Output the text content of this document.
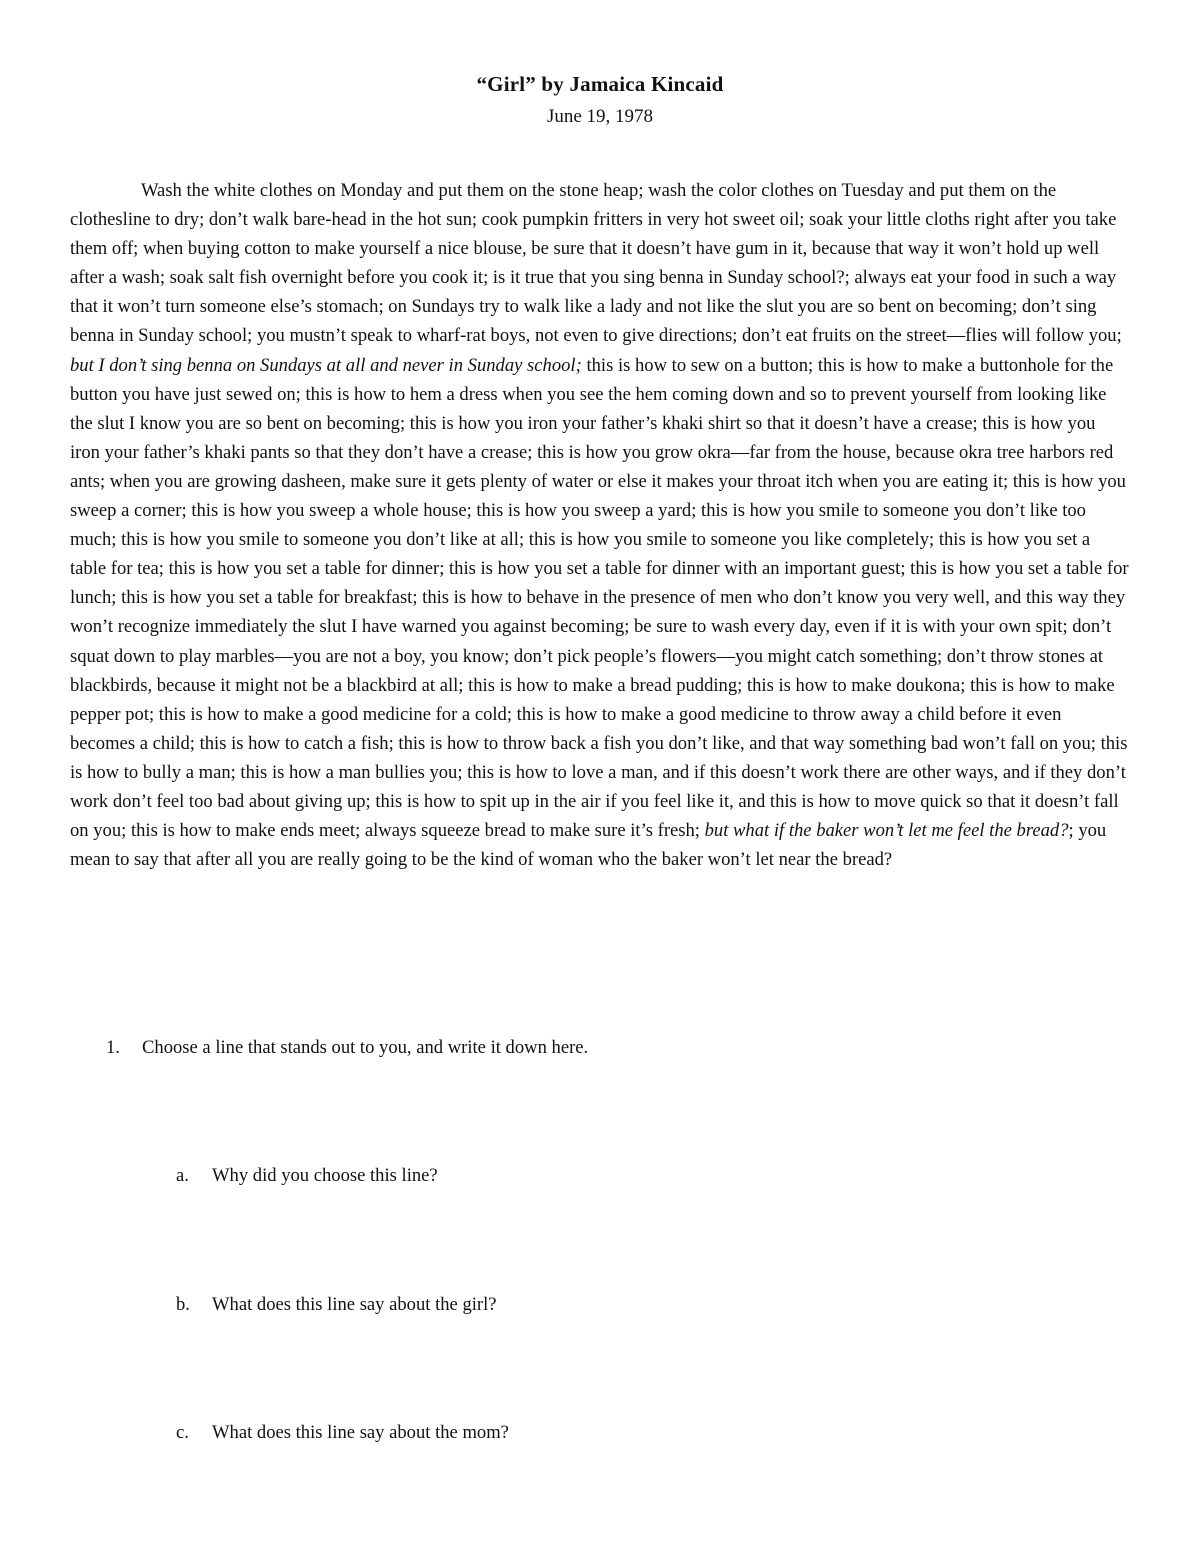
“Girl” by Jamaica Kincaid
June 19, 1978

Wash the white clothes on Monday and put them on the stone heap; wash the color clothes on Tuesday and put them on the clothesline to dry; don’t walk bare-head in the hot sun; cook pumpkin fritters in very hot sweet oil; soak your little cloths right after you take them off; when buying cotton to make yourself a nice blouse, be sure that it doesn’t have gum in it, because that way it won’t hold up well after a wash; soak salt fish overnight before you cook it; is it true that you sing benna in Sunday school?; always eat your food in such a way that it won’t turn someone else’s stomach; on Sundays try to walk like a lady and not like the slut you are so bent on becoming; don’t sing benna in Sunday school; you mustn’t speak to wharf-rat boys, not even to give directions; don’t eat fruits on the street—flies will follow you; but I don’t sing benna on Sundays at all and never in Sunday school; this is how to sew on a button; this is how to make a buttonhole for the button you have just sewed on; this is how to hem a dress when you see the hem coming down and so to prevent yourself from looking like the slut I know you are so bent on becoming; this is how you iron your father’s khaki shirt so that it doesn’t have a crease; this is how you iron your father’s khaki pants so that they don’t have a crease; this is how you grow okra—far from the house, because okra tree harbors red ants; when you are growing dasheen, make sure it gets plenty of water or else it makes your throat itch when you are eating it; this is how you sweep a corner; this is how you sweep a whole house; this is how you sweep a yard; this is how you smile to someone you don’t like too much; this is how you smile to someone you don’t like at all; this is how you smile to someone you like completely; this is how you set a table for tea; this is how you set a table for dinner; this is how you set a table for dinner with an important guest; this is how you set a table for lunch; this is how you set a table for breakfast; this is how to behave in the presence of men who don’t know you very well, and this way they won’t recognize immediately the slut I have warned you against becoming; be sure to wash every day, even if it is with your own spit; don’t squat down to play marbles—you are not a boy, you know; don’t pick people’s flowers—you might catch something; don’t throw stones at blackbirds, because it might not be a blackbird at all; this is how to make a bread pudding; this is how to make doukona; this is how to make pepper pot; this is how to make a good medicine for a cold; this is how to make a good medicine to throw away a child before it even becomes a child; this is how to catch a fish; this is how to throw back a fish you don’t like, and that way something bad won’t fall on you; this is how to bully a man; this is how a man bullies you; this is how to love a man, and if this doesn’t work there are other ways, and if they don’t work don’t feel too bad about giving up; this is how to spit up in the air if you feel like it, and this is how to move quick so that it doesn’t fall on you; this is how to make ends meet; always squeeze bread to make sure it’s fresh; but what if the baker won’t let me feel the bread?; you mean to say that after all you are really going to be the kind of woman who the baker won’t let near the bread?

1. Choose a line that stands out to you, and write it down here.
a. Why did you choose this line?
b. What does this line say about the girl?
c. What does this line say about the mom?
